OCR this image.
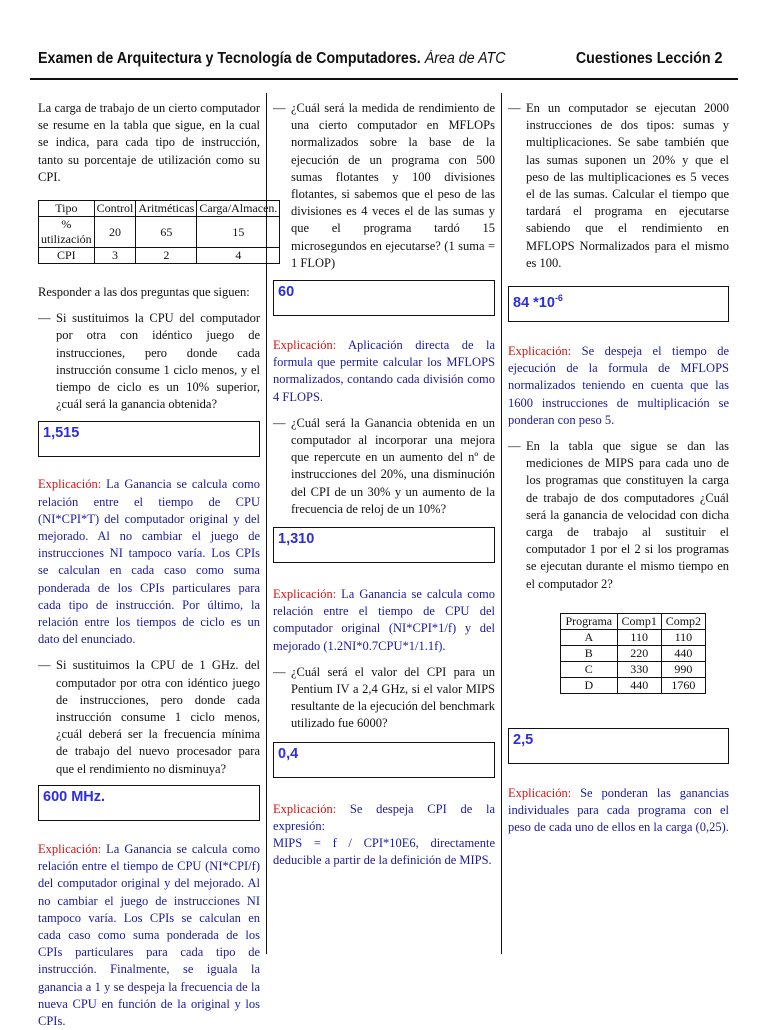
Examen de Arquitectura y Tecnología de Computadores. Área de ATC	Cuestiones Lección 2

La carga de trabajo de un cierto computador se resume en la tabla que sigue, en la cual se indica, para cada tipo de instrucción, tanto su porcentaje de utilización como su CPI.

Tipo	Control	Aritméticas	Carga/Almacen.
% utilización	20	65	15
CPI	3	2	4

Responder a las dos preguntas que siguen:

— Si sustituimos la CPU del computador por otra con idéntico juego de instrucciones, pero donde cada instrucción consume 1 ciclo menos, y el tiempo de ciclo es un 10% superior, ¿cuál será la ganancia obtenida?

1,515

Explicación: La Ganancia se calcula como relación entre el tiempo de CPU (NI*CPI*T) del computador original y del mejorado. Al no cambiar el juego de instrucciones NI tampoco varía. Los CPIs se calculan en cada caso como suma ponderada de los CPIs particulares para cada tipo de instrucción. Por último, la relación entre los tiempos de ciclo es un dato del enunciado.

— Si sustituimos la CPU de 1 GHz. del computador por otra con idéntico juego de instrucciones, pero donde cada instrucción consume 1 ciclo menos, ¿cuál deberá ser la frecuencia mínima de trabajo del nuevo procesador para que el rendimiento no disminuya?

600 MHz.

Explicación: La Ganancia se calcula como relación entre el tiempo de CPU (NI*CPI/f) del computador original y del mejorado. Al no cambiar el juego de instrucciones NI tampoco varía. Los CPIs se calculan en cada caso como suma ponderada de los CPIs particulares para cada tipo de instrucción. Finalmente, se iguala la ganancia a 1 y se despeja la frecuencia de la nueva CPU en función de la original y los CPIs.

— ¿Cuál será la medida de rendimiento de una cierto computador en MFLOPs normalizados sobre la base de la ejecución de un programa con 500 sumas flotantes y 100 divisiones flotantes, si sabemos que el peso de las divisiones es 4 veces el de las sumas y que el programa tardó 15 microsegundos en ejecutarse? (1 suma = 1 FLOP)

60

Explicación: Aplicación directa de la formula que permite calcular los MFLOPS normalizados, contando cada división como 4 FLOPS.

— ¿Cuál será la Ganancia obtenida en un computador al incorporar una mejora que repercute en un aumento del nº de instrucciones del 20%, una disminución del CPI de un 30% y un aumento de la frecuencia de reloj de un 10%?

1,310

Explicación: La Ganancia se calcula como relación entre el tiempo de CPU del computador original (NI*CPI*1/f) y del mejorado (1.2NI*0.7CPU*1/1.1f).

— ¿Cuál será el valor del CPI para un Pentium IV a 2,4 GHz, si el valor MIPS resultante de la ejecución del benchmark utilizado fue 6000?

0,4

Explicación: Se despeja CPI de la expresión:
MIPS = f / CPI*10E6, directamente deducible a partir de la definición de MIPS.

— En un computador se ejecutan 2000 instrucciones de dos tipos: sumas y multiplicaciones. Se sabe también que las sumas suponen un 20% y que el peso de las multiplicaciones es 5 veces el de las sumas. Calcular el tiempo que tardará el programa en ejecutarse sabiendo que el rendimiento en MFLOPS Normalizados para el mismo es 100.

84 $*10^{-6}$

Explicación: Se despeja el tiempo de ejecución de la formula de MFLOPS normalizados teniendo en cuenta que las 1600 instrucciones de multiplicación se ponderan con peso 5.

— En la tabla que sigue se dan las mediciones de MIPS para cada uno de los programas que constituyen la carga de trabajo de dos computadores ¿Cuál será la ganancia de velocidad con dicha carga de trabajo al sustituir el computador 1 por el 2 si los programas se ejecutan durante el mismo tiempo en el computador 2?

Programa	Comp1	Comp2
A	110	110
B	220	440
C	330	990
D	440	1760
2,5

Explicación: Se ponderan las ganancias individuales para cada programa con el peso de cada uno de ellos en la carga (0,25).
